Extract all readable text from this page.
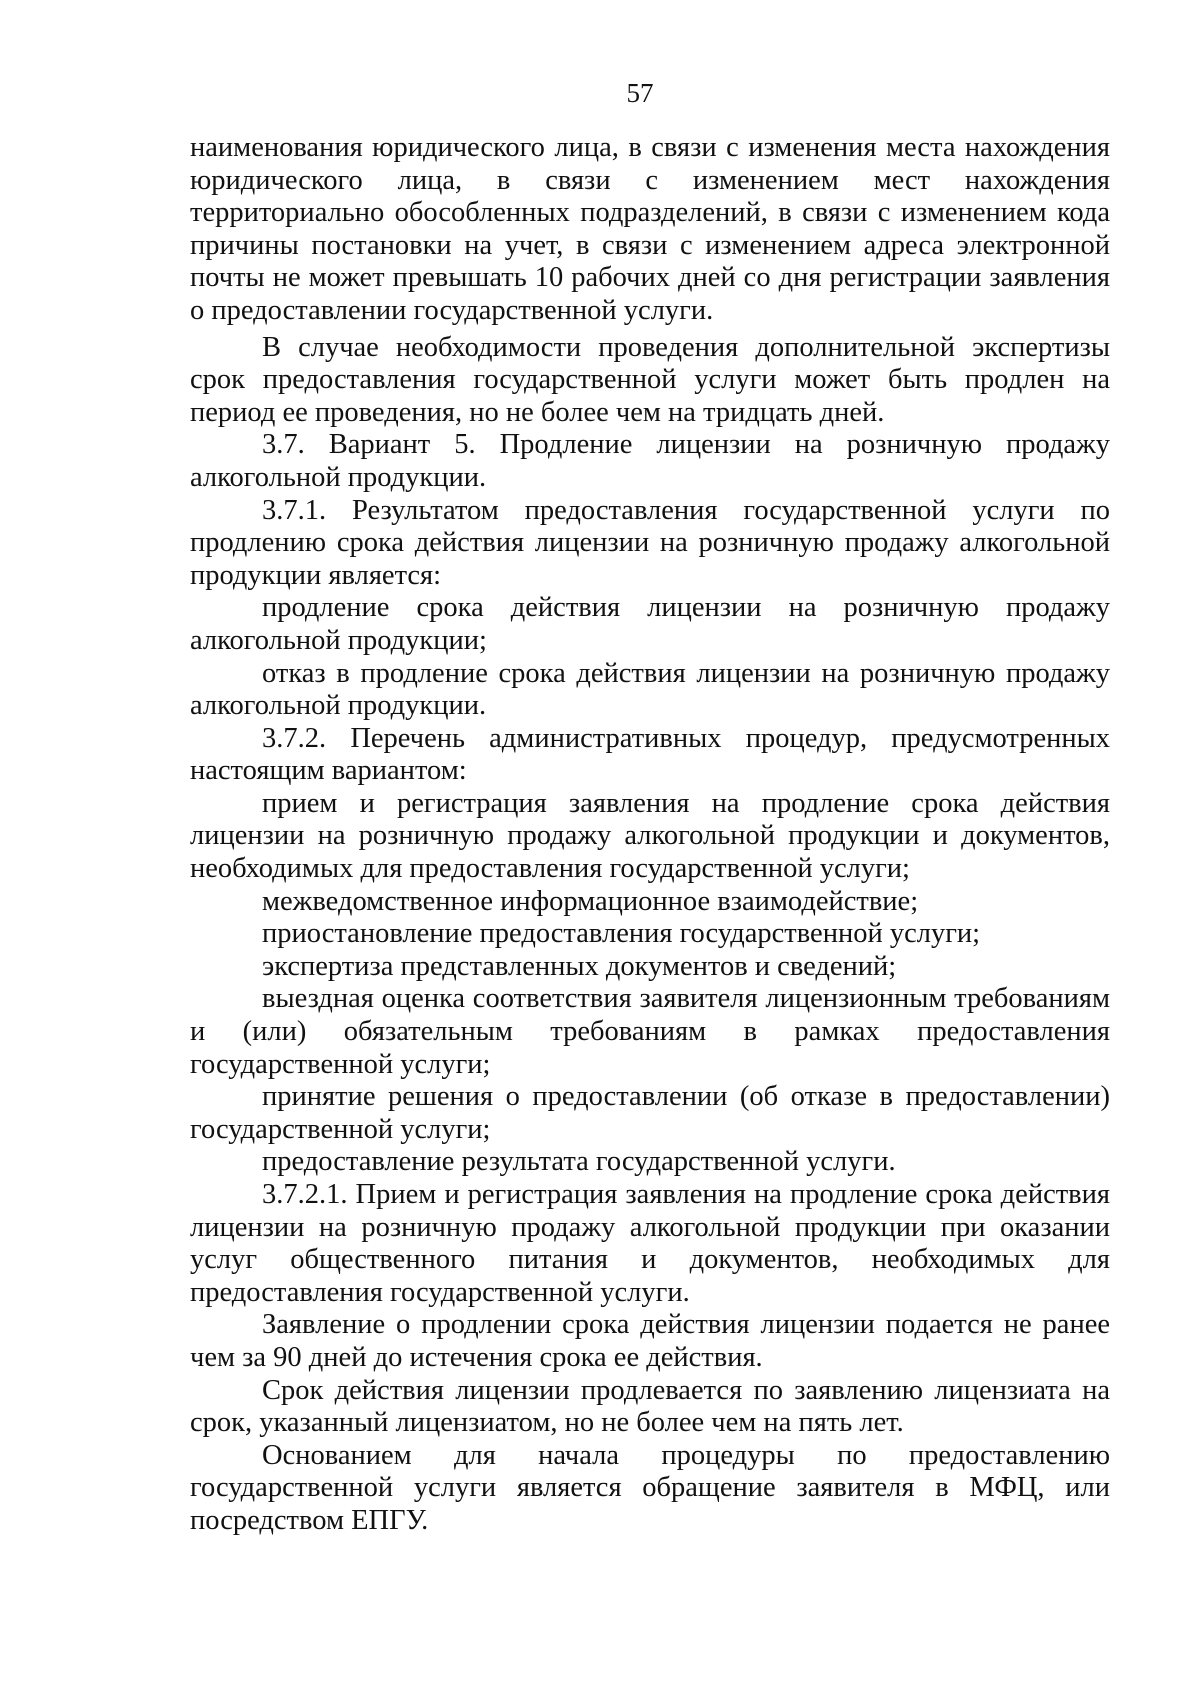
57

наименования юридического лица, в связи с изменения места нахождения юридического лица, в связи с изменением мест нахождения территориально обособленных подразделений, в связи с изменением кода причины постановки на учет, в связи с изменением адреса электронной почты не может превышать 10 рабочих дней со дня регистрации заявления о предоставлении государственной услуги.

В случае необходимости проведения дополнительной экспертизы срок предоставления государственной услуги может быть продлен на период ее проведения, но не более чем на тридцать дней.

3.7. Вариант 5. Продление лицензии на розничную продажу алкогольной продукции.

3.7.1. Результатом предоставления государственной услуги по продлению срока действия лицензии на розничную продажу алкогольной продукции является:

продление срока действия лицензии на розничную продажу алкогольной продукции;

отказ в продление срока действия лицензии на розничную продажу алкогольной продукции.

3.7.2. Перечень административных процедур, предусмотренных настоящим вариантом:

прием и регистрация заявления на продление срока действия лицензии на розничную продажу алкогольной продукции и документов, необходимых для предоставления государственной услуги;

межведомственное информационное взаимодействие;

приостановление предоставления государственной услуги;

экспертиза представленных документов и сведений;

выездная оценка соответствия заявителя лицензионным требованиям и (или) обязательным требованиям в рамках предоставления государственной услуги;

принятие решения о предоставлении (об отказе в предоставлении) государственной услуги;

предоставление результата государственной услуги.

3.7.2.1. Прием и регистрация заявления на продление срока действия лицензии на розничную продажу алкогольной продукции при оказании услуг общественного питания и документов, необходимых для предоставления государственной услуги.

Заявление о продлении срока действия лицензии подается не ранее чем за 90 дней до истечения срока ее действия.

Срок действия лицензии продлевается по заявлению лицензиата на срок, указанный лицензиатом, но не более чем на пять лет.

Основанием для начала процедуры по предоставлению государственной услуги является обращение заявителя в МФЦ, или посредством ЕПГУ.
